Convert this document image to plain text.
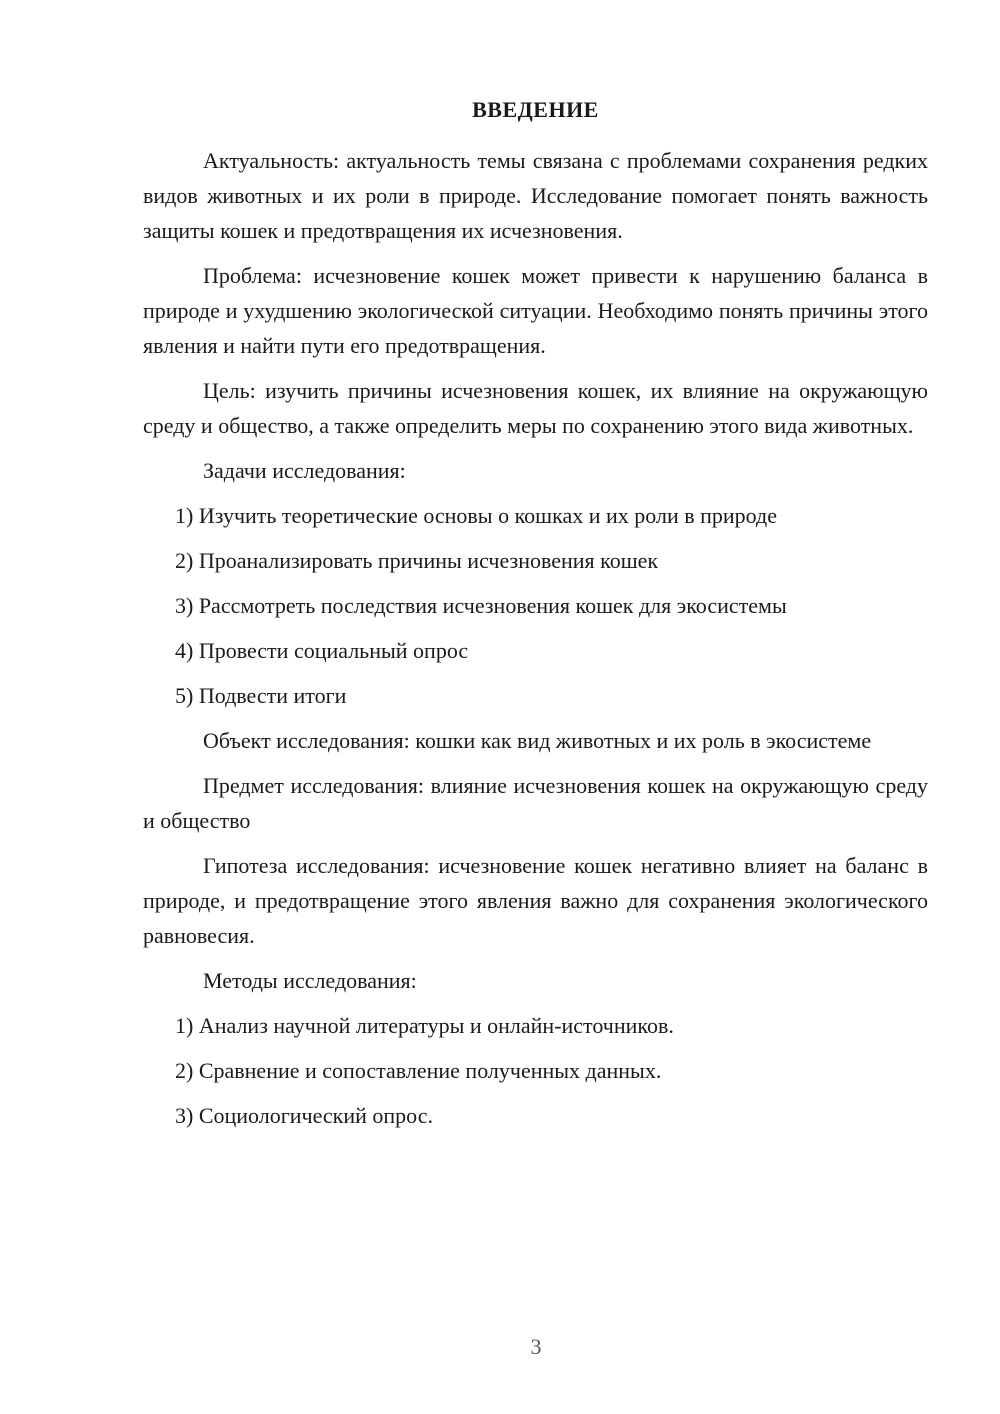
ВВЕДЕНИЕ

Актуальность: актуальность темы связана с проблемами сохранения редких видов животных и их роли в природе. Исследование помогает понять важность защиты кошек и предотвращения их исчезновения.

Проблема: исчезновение кошек может привести к нарушению баланса в природе и ухудшению экологической ситуации. Необходимо понять причины этого явления и найти пути его предотвращения.

Цель: изучить причины исчезновения кошек, их влияние на окружающую среду и общество, а также определить меры по сохранению этого вида животных.

Задачи исследования:

1) Изучить теоретические основы о кошках и их роли в природе
2) Проанализировать причины исчезновения кошек
3) Рассмотреть последствия исчезновения кошек для экосистемы
4) Провести социальный опрос
5) Подвести итоги

Объект исследования: кошки как вид животных и их роль в экосистеме

Предмет исследования: влияние исчезновения кошек на окружающую среду и общество

Гипотеза исследования: исчезновение кошек негативно влияет на баланс в природе, и предотвращение этого явления важно для сохранения экологического равновесия.

Методы исследования:

1) Анализ научной литературы и онлайн-источников.
2) Сравнение и сопоставление полученных данных.
3) Социологический опрос.
3
